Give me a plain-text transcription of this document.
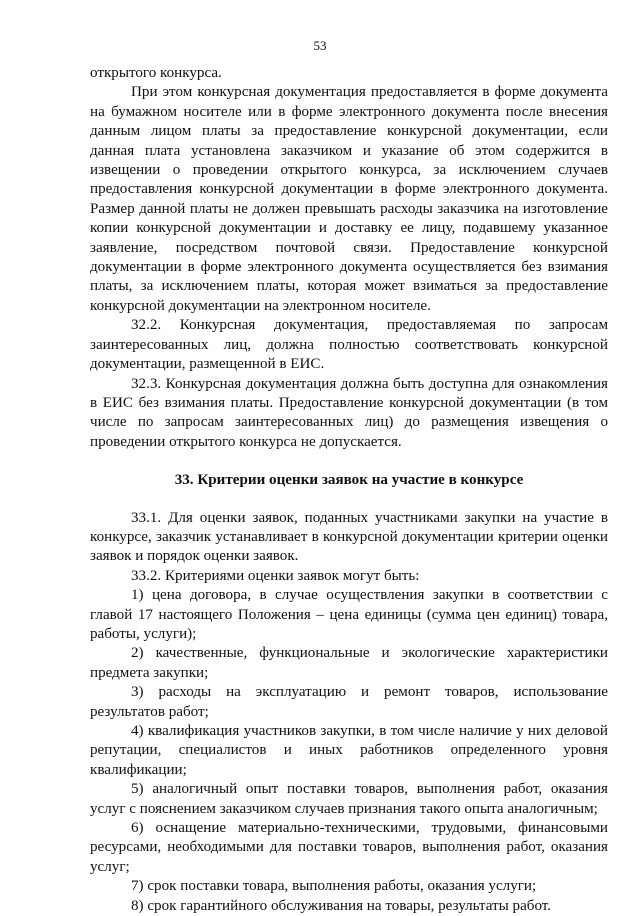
53

открытого конкурса.

При этом конкурсная документация предоставляется в форме документа на бумажном носителе или в форме электронного документа после внесения данным лицом платы за предоставление конкурсной документации, если данная плата установлена заказчиком и указание об этом содержится в извещении о проведении открытого конкурса, за исключением случаев предоставления конкурсной документации в форме электронного документа. Размер данной платы не должен превышать расходы заказчика на изготовление копии конкурсной документации и доставку ее лицу, подавшему указанное заявление, посредством почтовой связи. Предоставление конкурсной документации в форме электронного документа осуществляется без взимания платы, за исключением платы, которая может взиматься за предоставление конкурсной документации на электронном носителе.

32.2. Конкурсная документация, предоставляемая по запросам заинтересованных лиц, должна полностью соответствовать конкурсной документации, размещенной в ЕИС.

32.3. Конкурсная документация должна быть доступна для ознакомления в ЕИС без взимания платы. Предоставление конкурсной документации (в том числе по запросам заинтересованных лиц) до размещения извещения о проведении открытого конкурса не допускается.

33. Критерии оценки заявок на участие в конкурсе

33.1. Для оценки заявок, поданных участниками закупки на участие в конкурсе, заказчик устанавливает в конкурсной документации критерии оценки заявок и порядок оценки заявок.

33.2. Критериями оценки заявок могут быть:

1) цена договора, в случае осуществления закупки в соответствии с главой 17 настоящего Положения – цена единицы (сумма цен единиц) товара, работы, услуги);

2) качественные, функциональные и экологические характеристики предмета закупки;

3) расходы на эксплуатацию и ремонт товаров, использование результатов работ;

4) квалификация участников закупки, в том числе наличие у них деловой репутации, специалистов и иных работников определенного уровня квалификации;

5) аналогичный опыт поставки товаров, выполнения работ, оказания услуг с пояснением заказчиком случаев признания такого опыта аналогичным;

6) оснащение материально-техническими, трудовыми, финансовыми ресурсами, необходимыми для поставки товаров, выполнения работ, оказания услуг;

7) срок поставки товара, выполнения работы, оказания услуги;

8) срок гарантийного обслуживания на товары, результаты работ.
